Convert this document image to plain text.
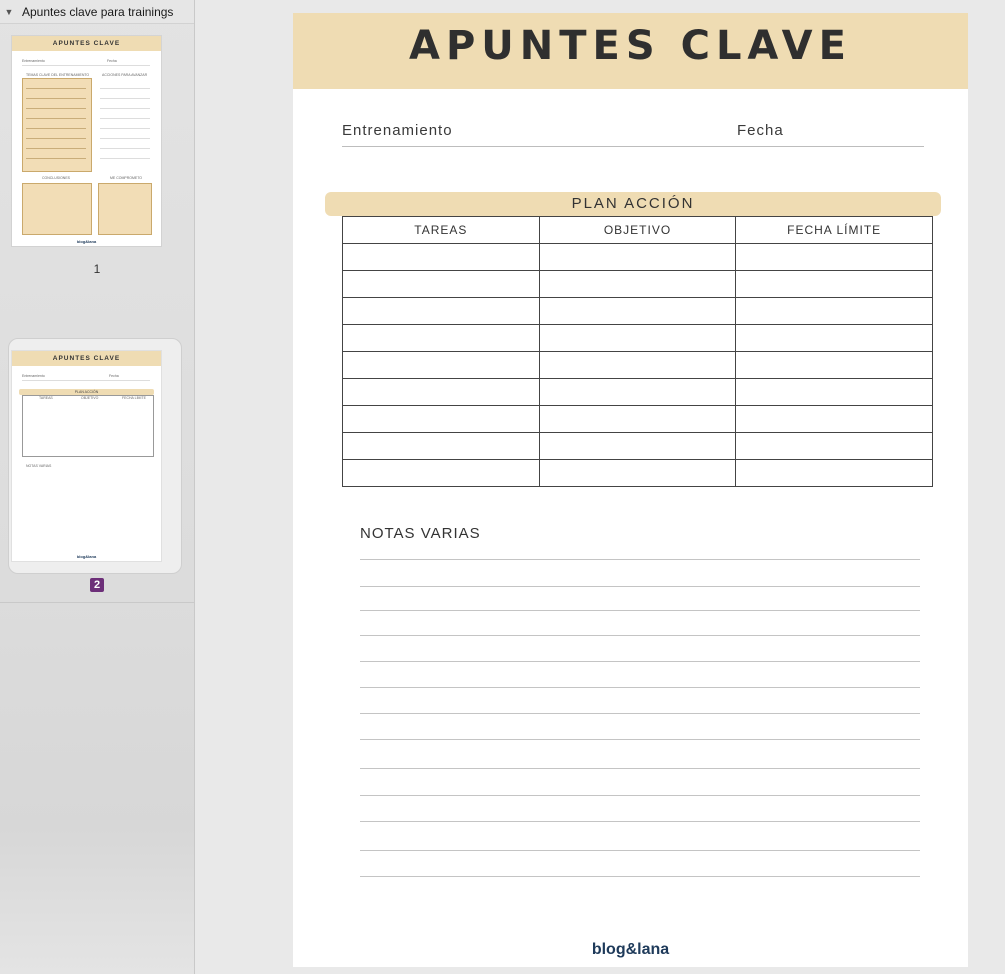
▼ Apuntes clave para trainings
APUNTES CLAVE
Entrenamiento	Fecha
TEMAS CLAVE DEL ENTRENAMIENTO	ACCIONES PARA AVANZAR
CONCLUSIONES	ME COMPROMETO
blog&lana
1
APUNTES CLAVE
Entrenamiento	Fecha
PLAN ACCIÓN
TAREAS	OBJETIVO	FECHA LÍMITE
NOTAS VARIAS
blog&lana
2
APUNTES CLAVE
Entrenamiento	Fecha
PLAN ACCIÓN
TAREAS	OBJETIVO	FECHA LÍMITE

NOTAS VARIAS
blog&lana
